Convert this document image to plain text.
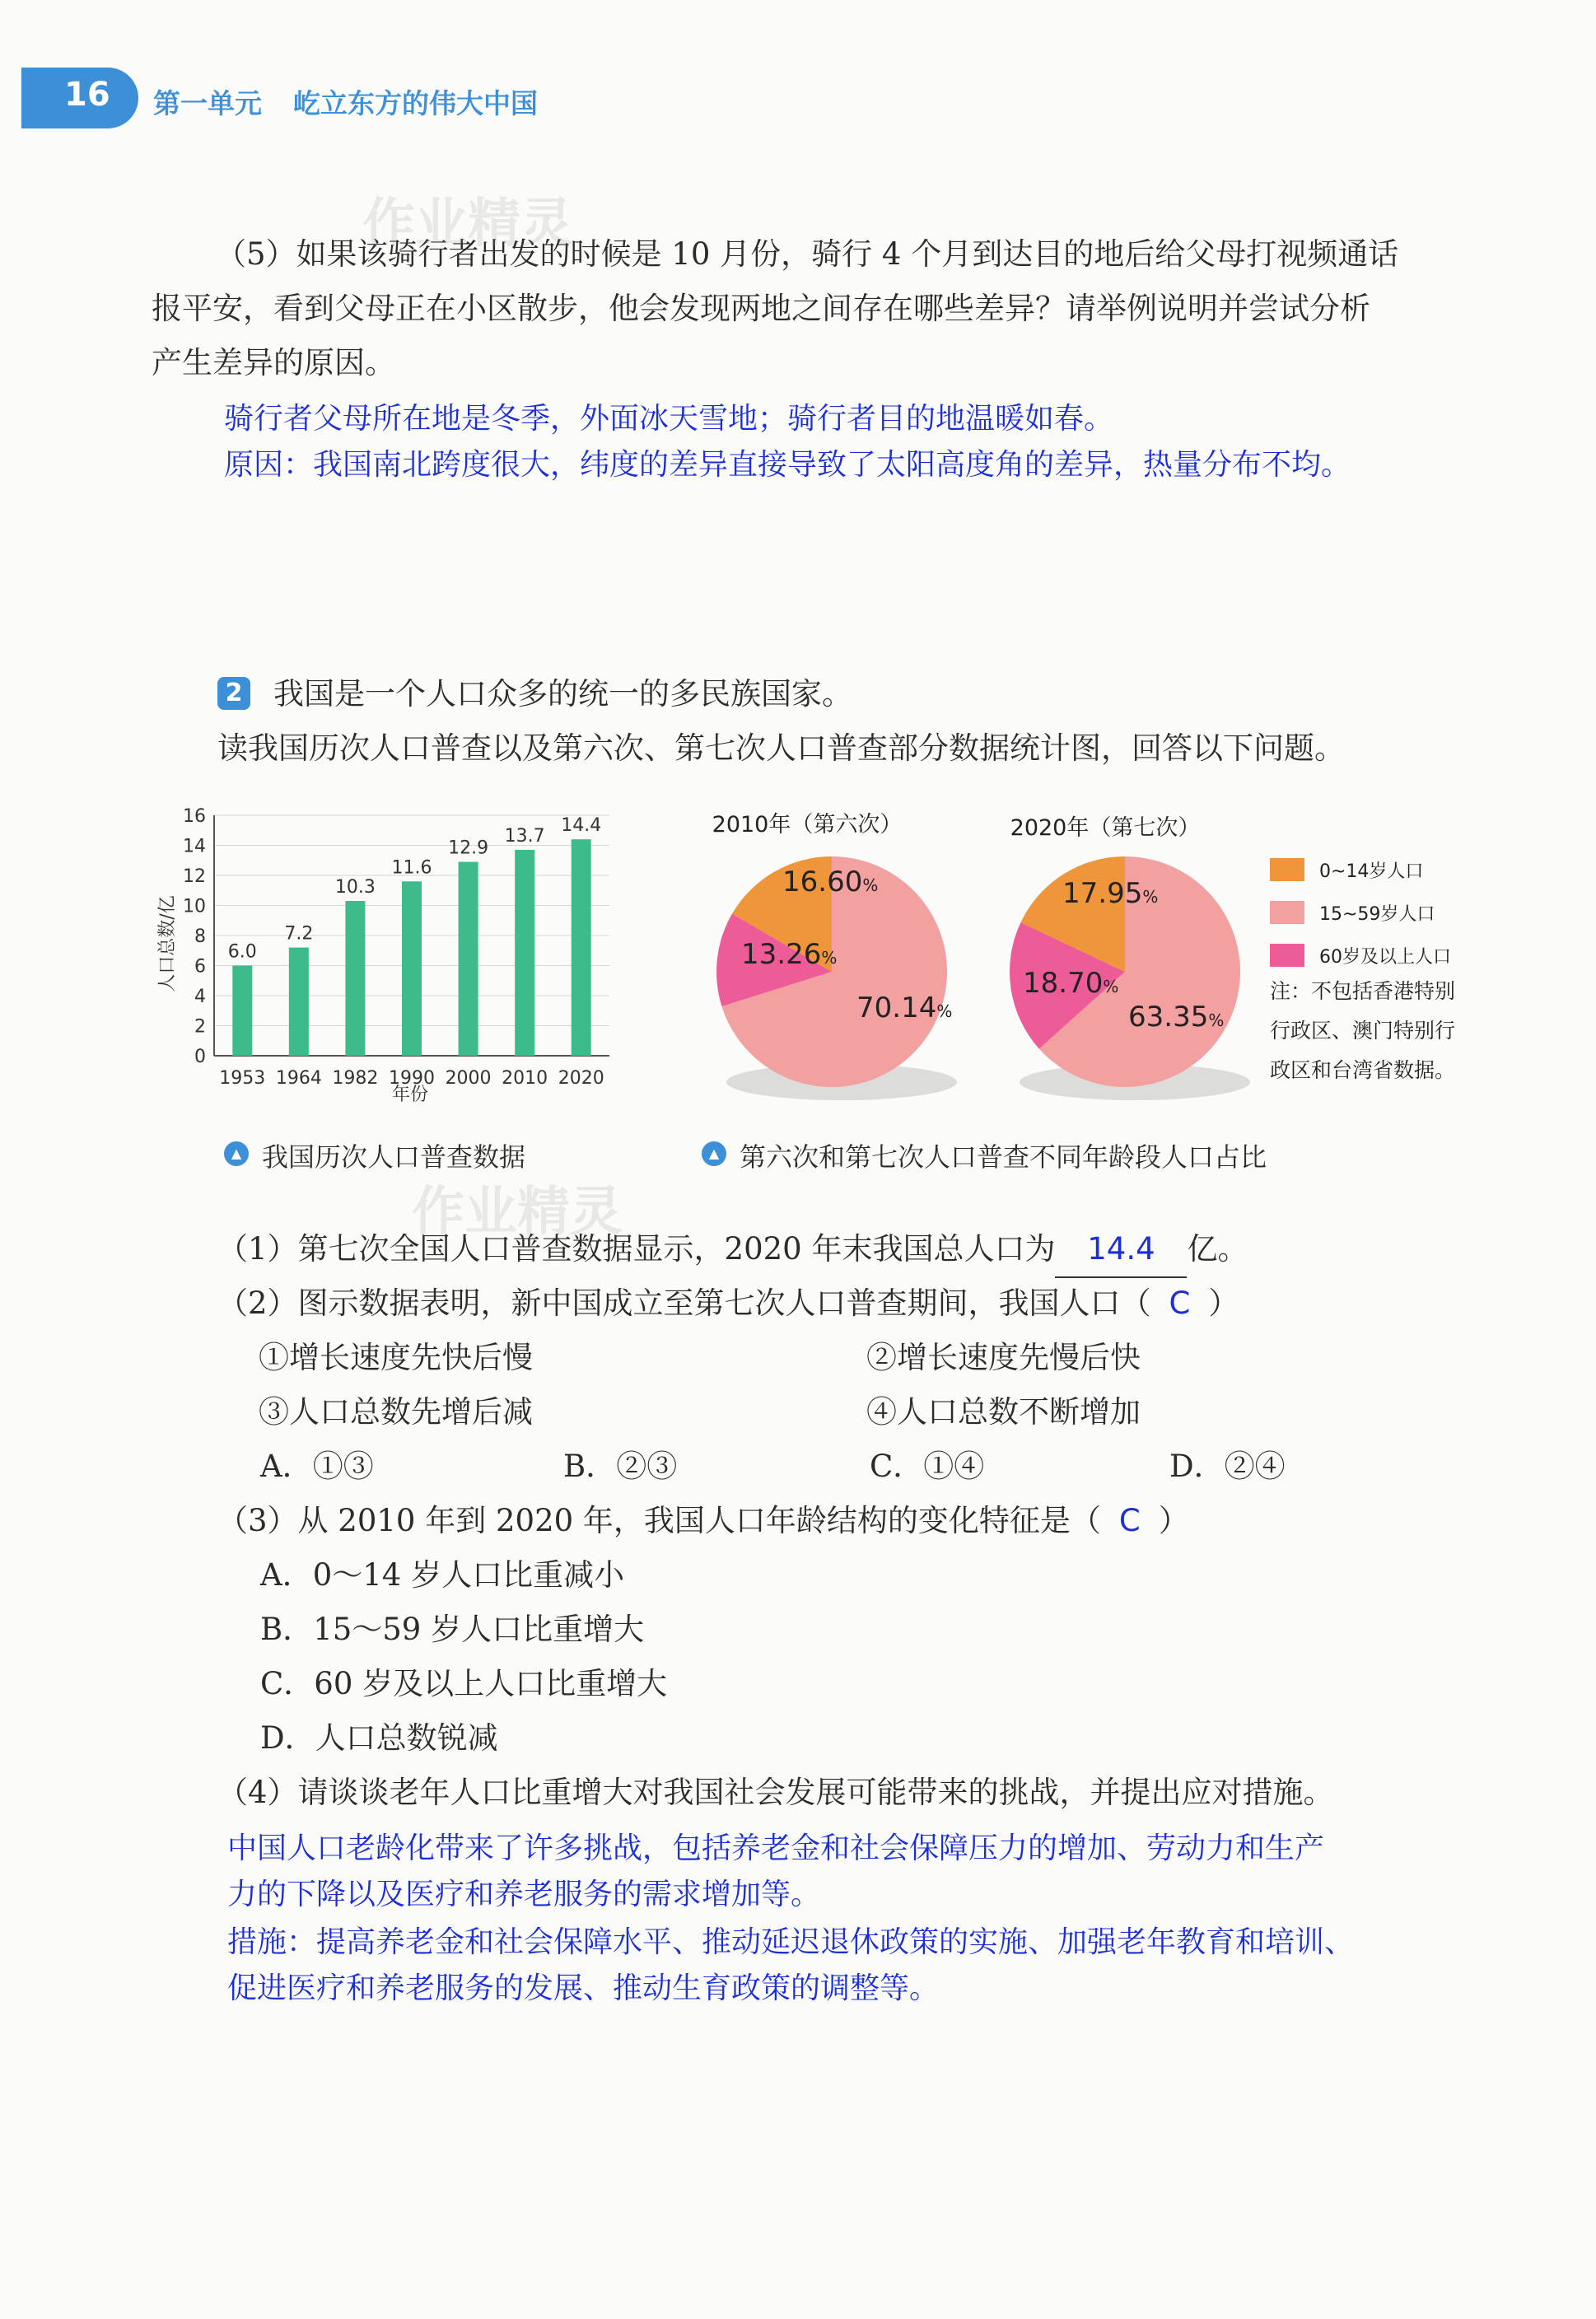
16 第一单元 屹立东方的伟大中国
（5）如果该骑行者出发的时候是 10 月份，骑行 4 个月到达目的地后给父母打视频通话
报平安，看到父母正在小区散步，他会发现两地之间存在哪些差异？请举例说明并尝试分析
产生差异的原因。
骑行者父母所在地是冬季，外面冰天雪地；骑行者目的地温暖如春。
原因：我国南北跨度很大，纬度的差异直接导致了太阳高度角的差异，热量分布不均。
2 我国是一个人口众多的统一的多民族国家。
读我国历次人口普查以及第六次、第七次人口普查部分数据统计图，回答以下问题。
0
2
4
6
8
10
12
14
16
6.0
7.2
10.3
11.6
12.9
13.7
14.4
1953 1964 1982 1990 2000 2010 2020
人口总数/亿
年份
2010年（第六次）	2020年（第七次）
16.60%
70.14%
13.26%
17.95%
63.35%
18.70%
0~14岁人口
15~59岁人口
60岁及以上人口
注：不包括香港特别
行政区、澳门特别行
政区和台湾省数据。
▲ 我国历次人口普查数据	▲ 第六次和第七次人口普查不同年龄段人口占比
作业精灵
作业精灵
（1）第七次全国人口普查数据显示，2020 年末我国总人口为 14.4 亿。
（2）图示数据表明，新中国成立至第七次人口普查期间，我国人口（ C ）
①增长速度先快后慢	②增长速度先慢后快
③人口总数先增后减	④人口总数不断增加
A．①③	B．②③	C．①④	D．②④
（3）从 2010 年到 2020 年，我国人口年龄结构的变化特征是（ C ）
A．0～14 岁人口比重减小
B．15～59 岁人口比重增大
C．60 岁及以上人口比重增大
D．人口总数锐减
（4）请谈谈老年人口比重增大对我国社会发展可能带来的挑战，并提出应对措施。
中国人口老龄化带来了许多挑战，包括养老金和社会保障压力的增加、劳动力和生产
力的下降以及医疗和养老服务的需求增加等。
措施：提高养老金和社会保障水平、推动延迟退休政策的实施、加强老年教育和培训、
促进医疗和养老服务的发展、推动生育政策的调整等。
